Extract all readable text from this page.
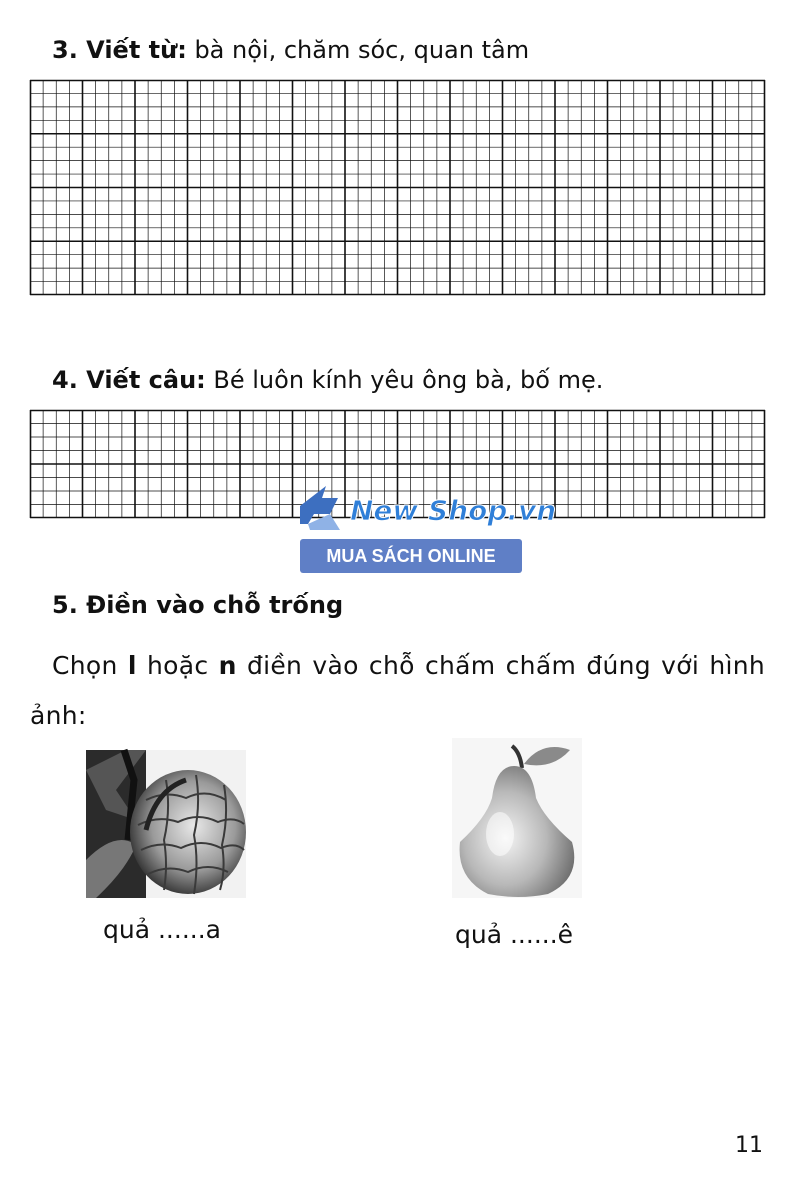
3. Viết từ: bà nội, chăm sóc, quan tâm
4. Viết câu: Bé luôn kính yêu ông bà, bố mẹ.
New Shop.vn
MUA SÁCH ONLINE
5. Điền vào chỗ trống
Chọn l hoặc n điền vào chỗ chấm chấm đúng với hình ảnh:
quả ......a	quả ......ê
11
